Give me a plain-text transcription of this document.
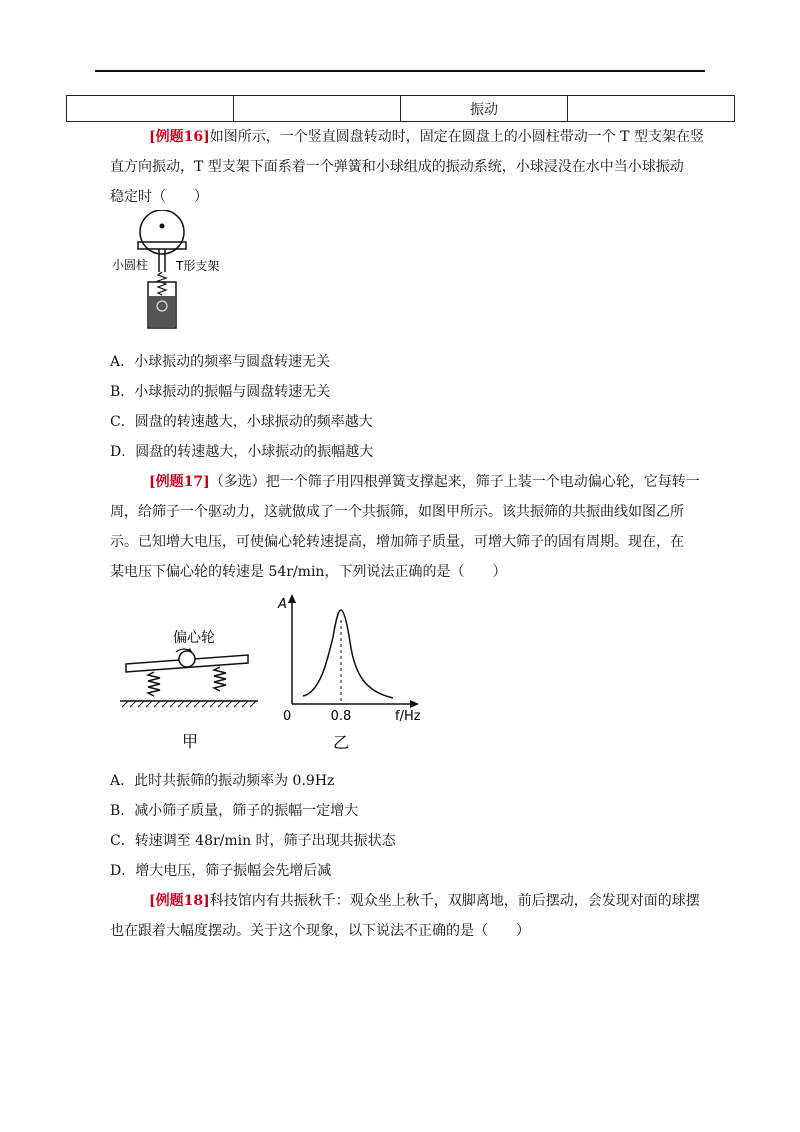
		振动	
[例题16]如图所示，一个竖直圆盘转动时，固定在圆盘上的小圆柱带动一个 T 型支架在竖
直方向振动，T 型支架下面系着一个弹簧和小球组成的振动系统，小球浸没在水中当小球振动
稳定时（　　）
小圆柱 T形支架
A．小球振动的频率与圆盘转速无关
B．小球振动的振幅与圆盘转速无关
C．圆盘的转速越大，小球振动的频率越大
D．圆盘的转速越大，小球振动的振幅越大
[例题17]（多选）把一个筛子用四根弹簧支撑起来，筛子上装一个电动偏心轮，它每转一
周，给筛子一个驱动力，这就做成了一个共振筛，如图甲所示。该共振筛的共振曲线如图乙所
示。已知增大电压，可使偏心轮转速提高，增加筛子质量，可增大筛子的固有周期。现在，在
某电压下偏心轮的转速是 54r/min，下列说法正确的是（　　）
偏心轮
甲
A
0	0.8	f/Hz
乙
A．此时共振筛的振动频率为 0.9Hz
B．减小筛子质量，筛子的振幅一定增大
C．转速调至 48r/min 时，筛子出现共振状态
D．增大电压，筛子振幅会先增后减
[例题18]科技馆内有共振秋千：观众坐上秋千，双脚离地，前后摆动，会发现对面的球摆
也在跟着大幅度摆动。关于这个现象，以下说法不正确的是（　　）
